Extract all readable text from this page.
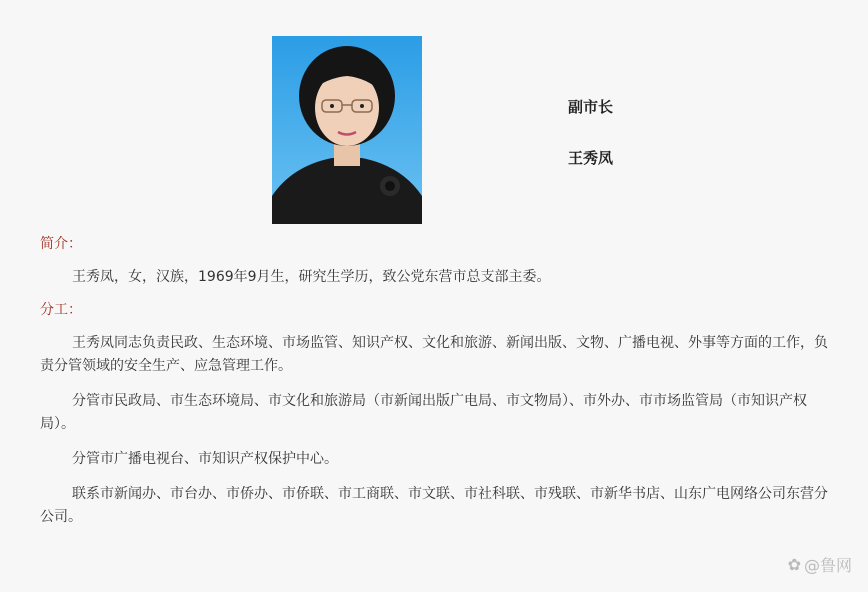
副市长
王秀凤

简介：

王秀凤，女，汉族，1969年9月生，研究生学历，致公党东营市总支部主委。

分工：

王秀凤同志负责民政、生态环境、市场监管、知识产权、文化和旅游、新闻出版、文物、广播电视、外事等方面的工作，负责分管领域的安全生产、应急管理工作。

分管市民政局、市生态环境局、市文化和旅游局（市新闻出版广电局、市文物局）、市外办、市市场监管局（市知识产权局）。

分管市广播电视台、市知识产权保护中心。

联系市新闻办、市台办、市侨办、市侨联、市工商联、市文联、市社科联、市残联、市新华书店、山东广电网络公司东营分公司。

✿ @鲁网
